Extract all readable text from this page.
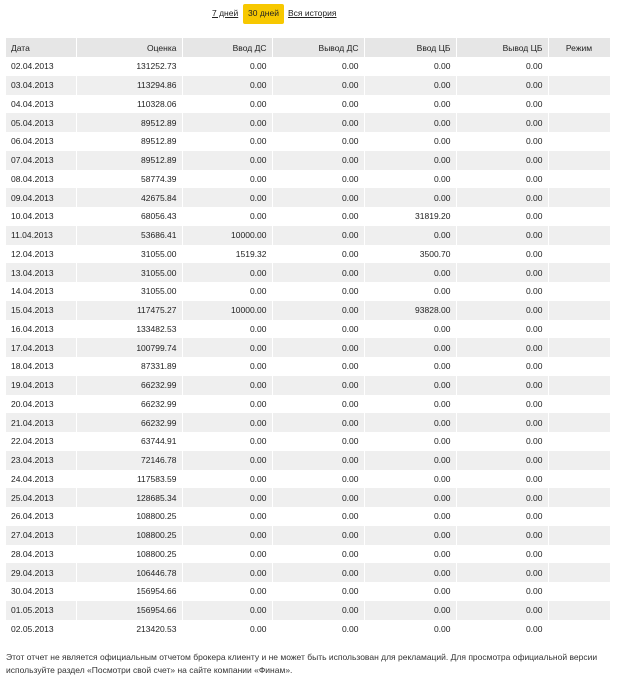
7 дней	30 дней	Вся история
Дата	Оценка	Ввод ДС	Вывод ДС	Ввод ЦБ	Вывод ЦБ	Режим
02.04.2013	131252.73	0.00	0.00	0.00	0.00	
03.04.2013	113294.86	0.00	0.00	0.00	0.00	
04.04.2013	110328.06	0.00	0.00	0.00	0.00	
05.04.2013	89512.89	0.00	0.00	0.00	0.00	
06.04.2013	89512.89	0.00	0.00	0.00	0.00	
07.04.2013	89512.89	0.00	0.00	0.00	0.00	
08.04.2013	58774.39	0.00	0.00	0.00	0.00	
09.04.2013	42675.84	0.00	0.00	0.00	0.00	
10.04.2013	68056.43	0.00	0.00	31819.20	0.00	
11.04.2013	53686.41	10000.00	0.00	0.00	0.00	
12.04.2013	31055.00	1519.32	0.00	3500.70	0.00	
13.04.2013	31055.00	0.00	0.00	0.00	0.00	
14.04.2013	31055.00	0.00	0.00	0.00	0.00	
15.04.2013	117475.27	10000.00	0.00	93828.00	0.00	
16.04.2013	133482.53	0.00	0.00	0.00	0.00	
17.04.2013	100799.74	0.00	0.00	0.00	0.00	
18.04.2013	87331.89	0.00	0.00	0.00	0.00	
19.04.2013	66232.99	0.00	0.00	0.00	0.00	
20.04.2013	66232.99	0.00	0.00	0.00	0.00	
21.04.2013	66232.99	0.00	0.00	0.00	0.00	
22.04.2013	63744.91	0.00	0.00	0.00	0.00	
23.04.2013	72146.78	0.00	0.00	0.00	0.00	
24.04.2013	117583.59	0.00	0.00	0.00	0.00	
25.04.2013	128685.34	0.00	0.00	0.00	0.00	
26.04.2013	108800.25	0.00	0.00	0.00	0.00	
27.04.2013	108800.25	0.00	0.00	0.00	0.00	
28.04.2013	108800.25	0.00	0.00	0.00	0.00	
29.04.2013	106446.78	0.00	0.00	0.00	0.00	
30.04.2013	156954.66	0.00	0.00	0.00	0.00	
01.05.2013	156954.66	0.00	0.00	0.00	0.00	
02.05.2013	213420.53	0.00	0.00	0.00	0.00	
Этот отчет не является официальным отчетом брокера клиенту и не может быть использован для рекламаций. Для просмотра официальной версии используйте раздел «Посмотри свой счет» на сайте компании «Финам».
